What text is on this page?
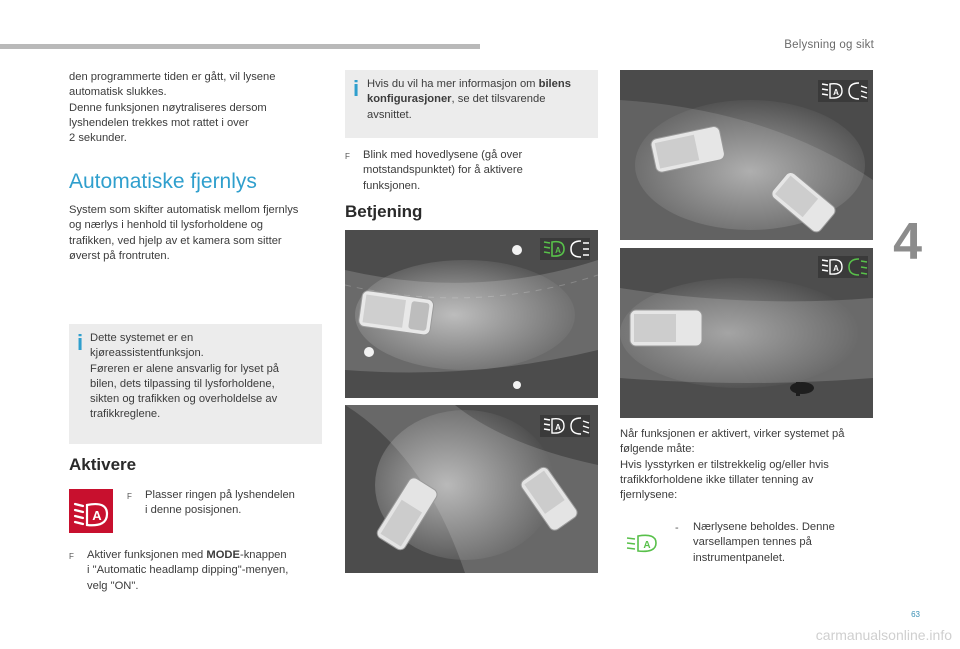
Belysning og sikt
4
den programmerte tiden er gått, vil lysene
automatisk slukkes.
Denne funksjonen nøytraliseres dersom
lyshendelen trekkes mot rattet i over
2 sekunder.
Automatiske fjernlys
System som skifter automatisk mellom fjernlys
og nærlys i henhold til lysforholdene og
trafikken, ved hjelp av et kamera som sitter
øverst på frontruten.
i Dette systemet er en
kjøreassistentfunksjon.
Føreren er alene ansvarlig for lyset på
bilen, dets tilpassing til lysforholdene,
sikten og trafikken og overholdelse av
trafikkreglene.
Aktivere
A
F	Plasser ringen på lyshendelen
i denne posisjonen.
F	Aktiver funksjonen med MODE-knappen
i "Automatic headlamp dipping"-menyen,
velg "ON".
i Hvis du vil ha mer informasjon om bilens
konfigurasjoner, se det tilsvarende
avsnittet.
F	Blink med hovedlysene (gå over
motstandspunktet) for å aktivere
funksjonen.
Betjening
A
A
A
A
Når funksjonen er aktivert, virker systemet på
følgende måte:
Hvis lysstyrken er tilstrekkelig og/eller hvis
trafikkforholdene ikke tillater tenning av
fjernlysene:
A
-	Nærlysene beholdes. Denne
varsellampen tennes på
instrumentpanelet.
63
carmanualsonline.info
